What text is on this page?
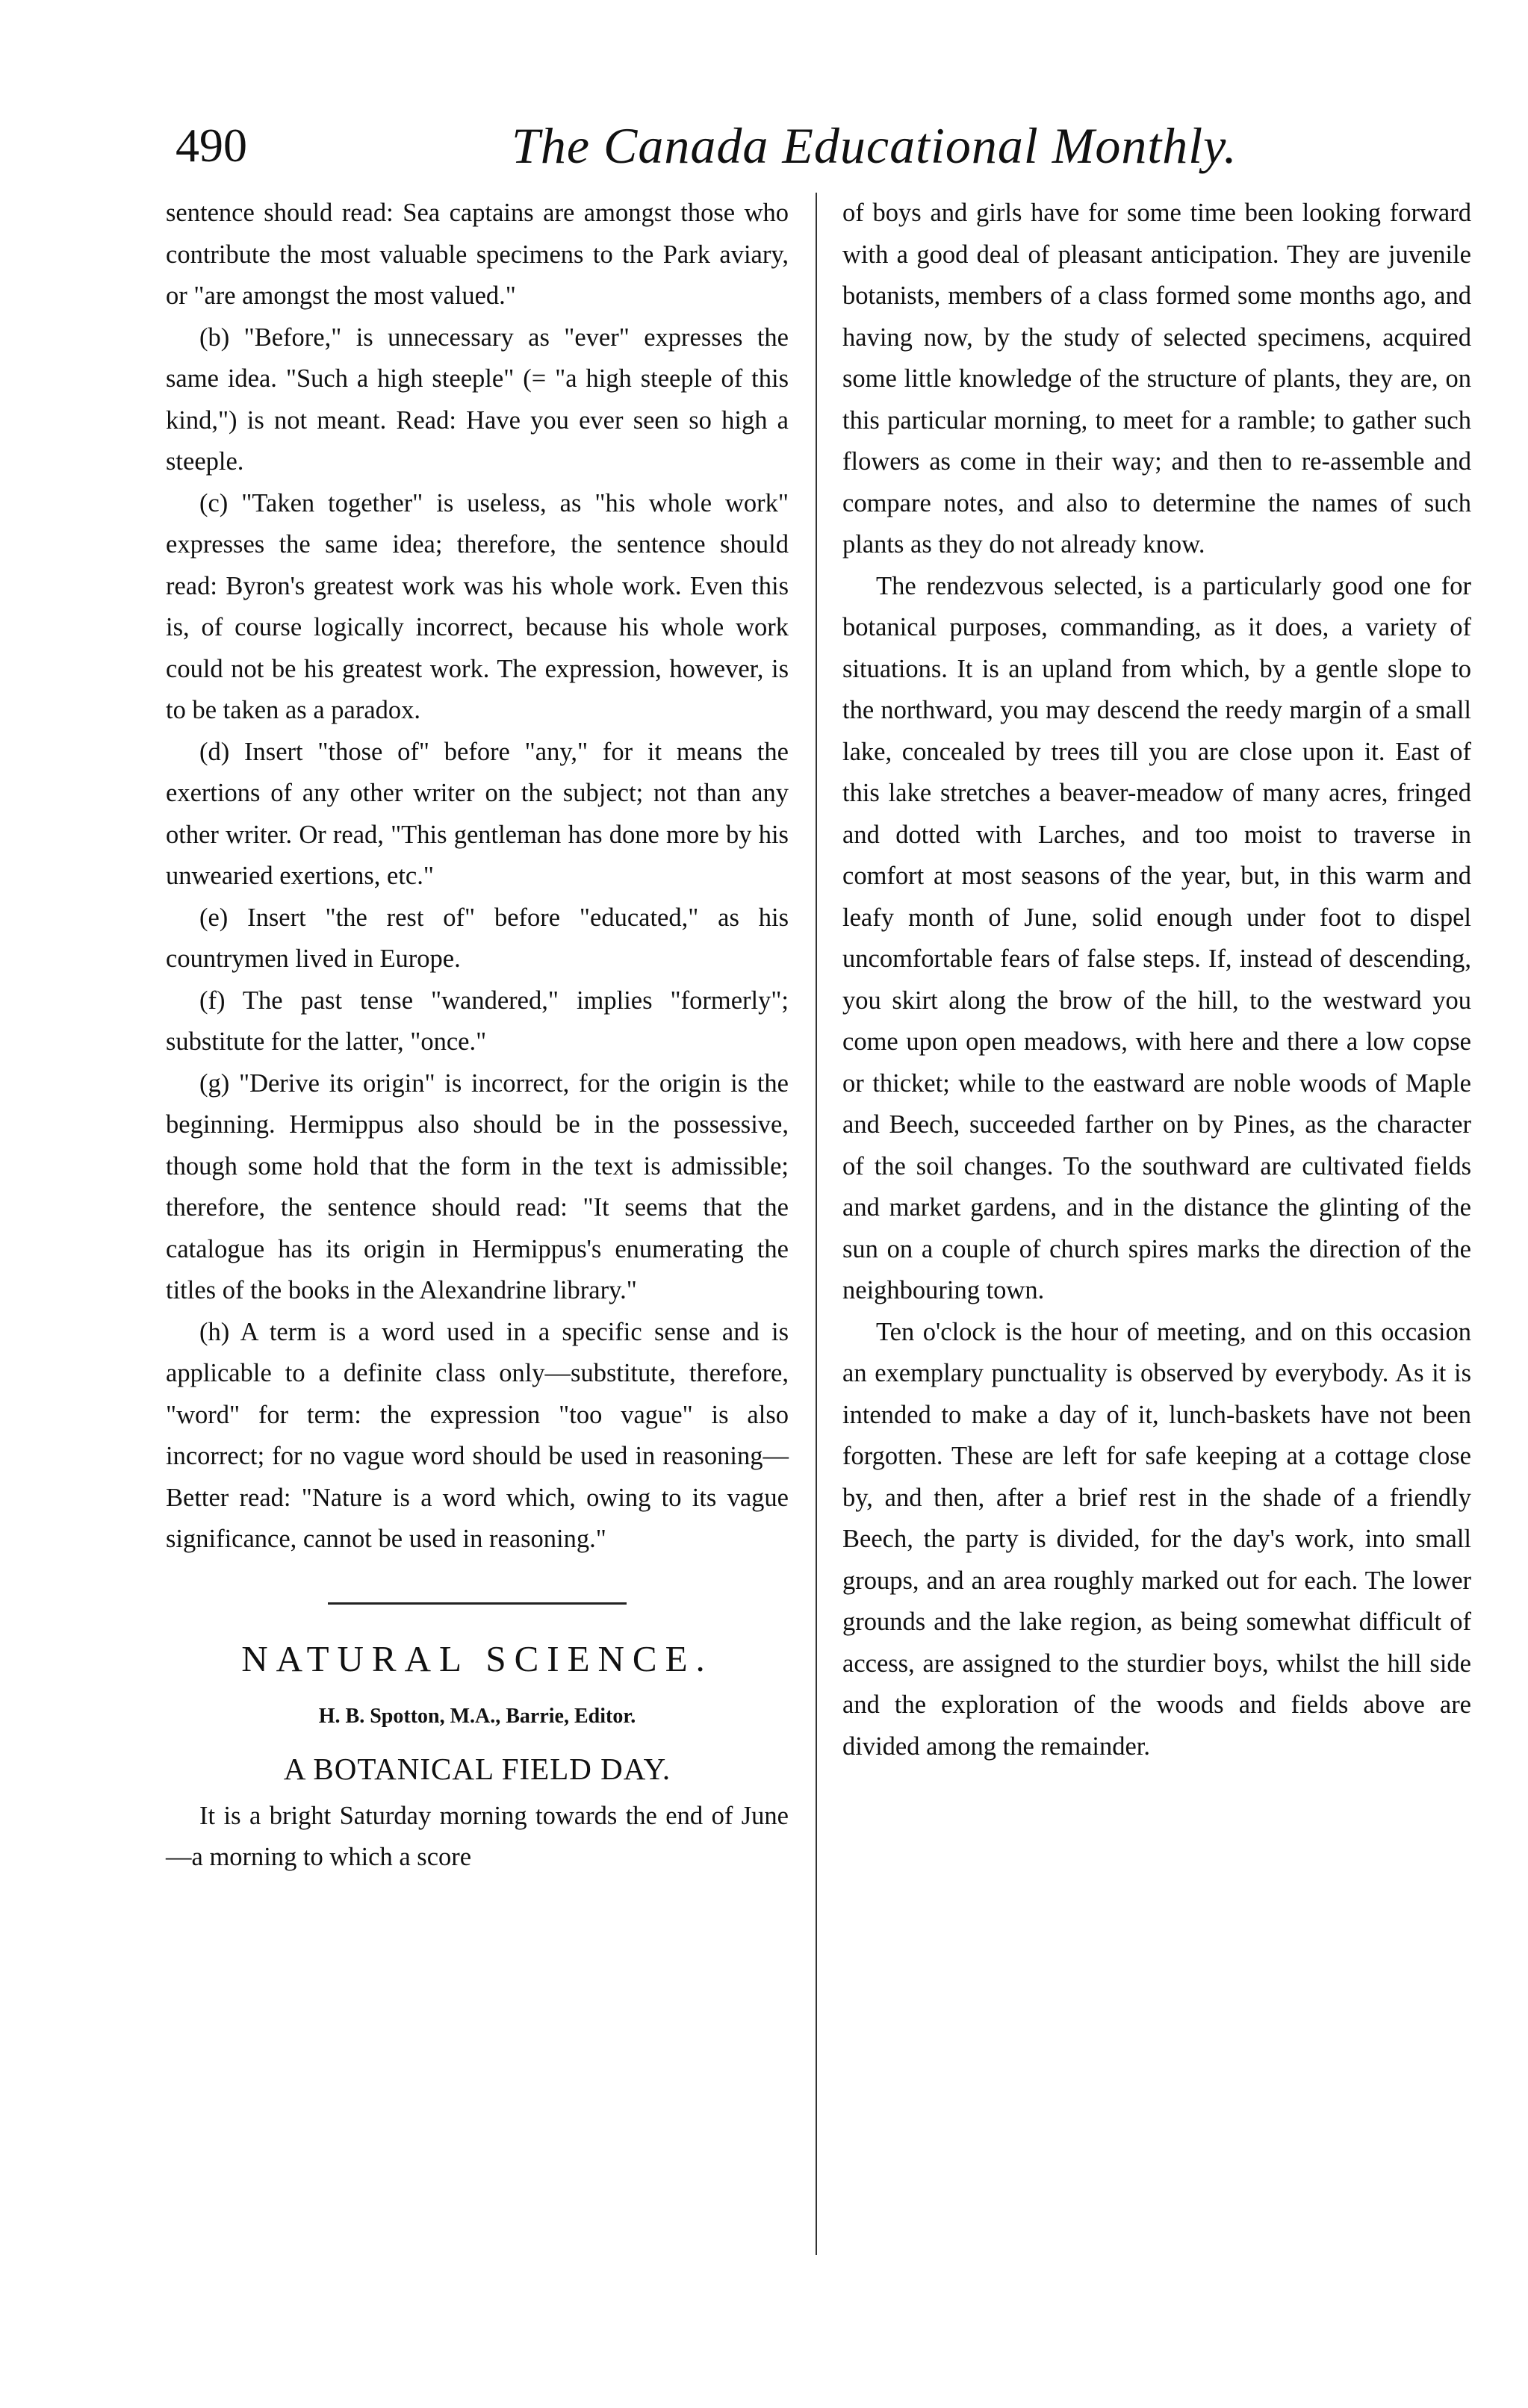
490	The Canada Educational Monthly.

sentence should read: Sea captains are amongst those who contribute the most valuable specimens to the Park aviary, or "are amongst the most valued."

(b) "Before," is unnecessary as "ever" expresses the same idea. "Such a high steeple" (= "a high steeple of this kind,") is not meant. Read: Have you ever seen so high a steeple.

(c) "Taken together" is useless, as "his whole work" expresses the same idea; therefore, the sentence should read: Byron's greatest work was his whole work. Even this is, of course logically incorrect, because his whole work could not be his greatest work. The expression, however, is to be taken as a paradox.

(d) Insert "those of" before "any," for it means the exertions of any other writer on the subject; not than any other writer. Or read, "This gentleman has done more by his unwearied exertions, etc."

(e) Insert "the rest of" before "educated," as his countrymen lived in Europe.

(f) The past tense "wandered," implies "formerly"; substitute for the latter, "once."

(g) "Derive its origin" is incorrect, for the origin is the beginning. Hermippus also should be in the possessive, though some hold that the form in the text is admissible; therefore, the sentence should read: "It seems that the catalogue has its origin in Hermippus's enumerating the titles of the books in the Alexandrine library."

(h) A term is a word used in a specific sense and is applicable to a definite class only—substitute, therefore, "word" for term: the expression "too vague" is also incorrect; for no vague word should be used in reasoning—Better read: "Nature is a word which, owing to its vague significance, cannot be used in reasoning."

NATURAL SCIENCE.
H. B. Spotton, M.A., Barrie, Editor.
A BOTANICAL FIELD DAY.

It is a bright Saturday morning towards the end of June—a morning to which a score

of boys and girls have for some time been looking forward with a good deal of pleasant anticipation. They are juvenile botanists, members of a class formed some months ago, and having now, by the study of selected specimens, acquired some little knowledge of the structure of plants, they are, on this particular morning, to meet for a ramble; to gather such flowers as come in their way; and then to re-assemble and compare notes, and also to determine the names of such plants as they do not already know.

The rendezvous selected, is a particularly good one for botanical purposes, commanding, as it does, a variety of situations. It is an upland from which, by a gentle slope to the northward, you may descend the reedy margin of a small lake, concealed by trees till you are close upon it. East of this lake stretches a beaver-meadow of many acres, fringed and dotted with Larches, and too moist to traverse in comfort at most seasons of the year, but, in this warm and leafy month of June, solid enough under foot to dispel uncomfortable fears of false steps. If, instead of descending, you skirt along the brow of the hill, to the westward you come upon open meadows, with here and there a low copse or thicket; while to the eastward are noble woods of Maple and Beech, succeeded farther on by Pines, as the character of the soil changes. To the southward are cultivated fields and market gardens, and in the distance the glinting of the sun on a couple of church spires marks the direction of the neighbouring town.

Ten o'clock is the hour of meeting, and on this occasion an exemplary punctuality is observed by everybody. As it is intended to make a day of it, lunch-baskets have not been forgotten. These are left for safe keeping at a cottage close by, and then, after a brief rest in the shade of a friendly Beech, the party is divided, for the day's work, into small groups, and an area roughly marked out for each. The lower grounds and the lake region, as being somewhat difficult of access, are assigned to the sturdier boys, whilst the hill side and the exploration of the woods and fields above are divided among the remainder.
